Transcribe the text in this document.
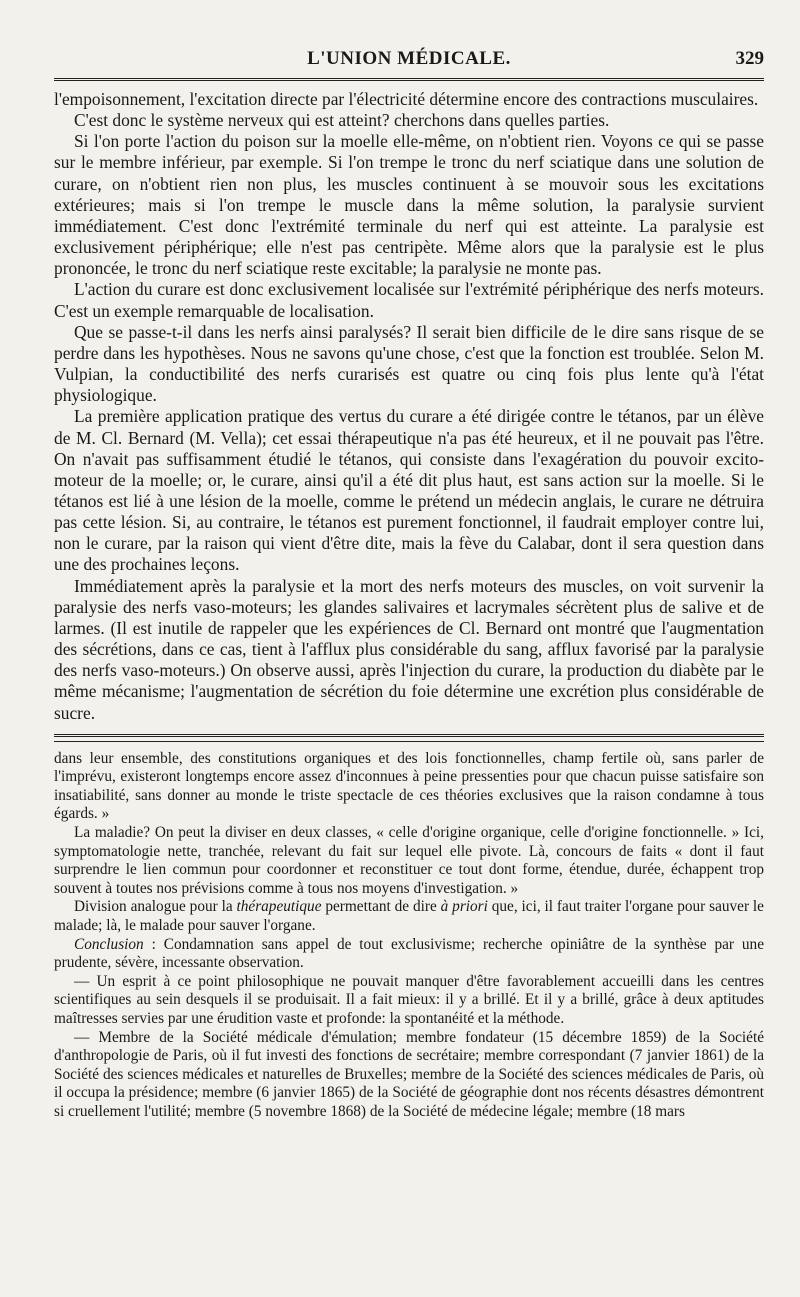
L'UNION MÉDICALE.	329

l'empoisonnement, l'excitation directe par l'électricité détermine encore des contractions musculaires.

C'est donc le système nerveux qui est atteint? cherchons dans quelles parties.

Si l'on porte l'action du poison sur la moelle elle-même, on n'obtient rien. Voyons ce qui se passe sur le membre inférieur, par exemple. Si l'on trempe le tronc du nerf sciatique dans une solution de curare, on n'obtient rien non plus, les muscles continuent à se mouvoir sous les excitations extérieures; mais si l'on trempe le muscle dans la même solution, la paralysie survient immédiatement. C'est donc l'extrémité terminale du nerf qui est atteinte. La paralysie est exclusivement périphérique; elle n'est pas centripète. Même alors que la paralysie est le plus prononcée, le tronc du nerf sciatique reste excitable; la paralysie ne monte pas.

L'action du curare est donc exclusivement localisée sur l'extrémité périphérique des nerfs moteurs. C'est un exemple remarquable de localisation.

Que se passe-t-il dans les nerfs ainsi paralysés? Il serait bien difficile de le dire sans risque de se perdre dans les hypothèses. Nous ne savons qu'une chose, c'est que la fonction est troublée. Selon M. Vulpian, la conductibilité des nerfs curarisés est quatre ou cinq fois plus lente qu'à l'état physiologique.

La première application pratique des vertus du curare a été dirigée contre le tétanos, par un élève de M. Cl. Bernard (M. Vella); cet essai thérapeutique n'a pas été heureux, et il ne pouvait pas l'être. On n'avait pas suffisamment étudié le tétanos, qui consiste dans l'exagération du pouvoir excito-moteur de la moelle; or, le curare, ainsi qu'il a été dit plus haut, est sans action sur la moelle. Si le tétanos est lié à une lésion de la moelle, comme le prétend un médecin anglais, le curare ne détruira pas cette lésion. Si, au contraire, le tétanos est purement fonctionnel, il faudrait employer contre lui, non le curare, par la raison qui vient d'être dite, mais la fève du Calabar, dont il sera question dans une des prochaines leçons.

Immédiatement après la paralysie et la mort des nerfs moteurs des muscles, on voit survenir la paralysie des nerfs vaso-moteurs; les glandes salivaires et lacrymales sécrètent plus de salive et de larmes. (Il est inutile de rappeler que les expériences de Cl. Bernard ont montré que l'augmentation des sécrétions, dans ce cas, tient à l'afflux plus considérable du sang, afflux favorisé par la paralysie des nerfs vaso-moteurs.) On observe aussi, après l'injection du curare, la production du diabète par le même mécanisme; l'augmentation de sécrétion du foie détermine une excrétion plus considérable de sucre.

dans leur ensemble, des constitutions organiques et des lois fonctionnelles, champ fertile où, sans parler de l'imprévu, existeront longtemps encore assez d'inconnues à peine pressenties pour que chacun puisse satisfaire son insatiabilité, sans donner au monde le triste spectacle de ces théories exclusives que la raison condamne à tous égards. »

La maladie? On peut la diviser en deux classes, « celle d'origine organique, celle d'origine fonctionnelle. » Ici, symptomatologie nette, tranchée, relevant du fait sur lequel elle pivote. Là, concours de faits « dont il faut surprendre le lien commun pour coordonner et reconstituer ce tout dont forme, étendue, durée, échappent trop souvent à toutes nos prévisions comme à tous nos moyens d'investigation. »

Division analogue pour la thérapeutique permettant de dire à priori que, ici, il faut traiter l'organe pour sauver le malade; là, le malade pour sauver l'organe.

Conclusion : Condamnation sans appel de tout exclusivisme; recherche opiniâtre de la synthèse par une prudente, sévère, incessante observation.

— Un esprit à ce point philosophique ne pouvait manquer d'être favorablement accueilli dans les centres scientifiques au sein desquels il se produisait. Il a fait mieux: il y a brillé. Et il y a brillé, grâce à deux aptitudes maîtresses servies par une érudition vaste et profonde: la spontanéité et la méthode.

— Membre de la Société médicale d'émulation; membre fondateur (15 décembre 1859) de la Société d'anthropologie de Paris, où il fut investi des fonctions de secrétaire; membre correspondant (7 janvier 1861) de la Société des sciences médicales et naturelles de Bruxelles; membre de la Société des sciences médicales de Paris, où il occupa la présidence; membre (6 janvier 1865) de la Société de géographie dont nos récents désastres démontrent si cruellement l'utilité; membre (5 novembre 1868) de la Société de médecine légale; membre (18 mars
